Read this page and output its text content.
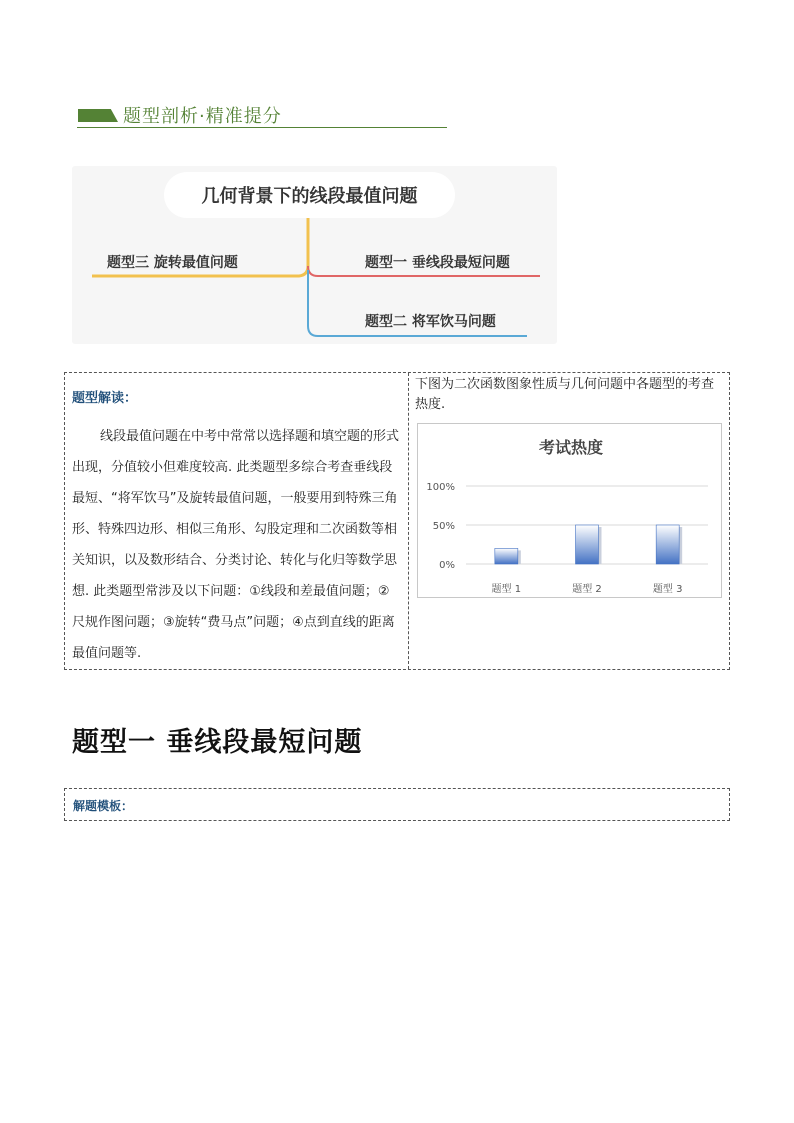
题型剖析·精准提分
几何背景下的线段最值问题
题型三 旋转最值问题	题型一 垂线段最短问题
题型二 将军饮马问题
题型解读：
线段最值问题在中考中常常以选择题和填空题的形式出现，分值较小但难度较高. 此类题型多综合考查垂线段最短、“将军饮马”及旋转最值问题，一般要用到特殊三角形、特殊四边形、相似三角形、勾股定理和二次函数等相关知识，以及数形结合、分类讨论、转化与化归等数学思想. 此类题型常涉及以下问题：①线段和差最值问题；②尺规作图问题；③旋转“费马点”问题；④点到直线的距离最值问题等.
下图为二次函数图象性质与几何问题中各题型的考查热度.
考试热度
0%
50%
100%
题型 1	题型 2	题型 3
题型一 垂线段最短问题
解题模板：
